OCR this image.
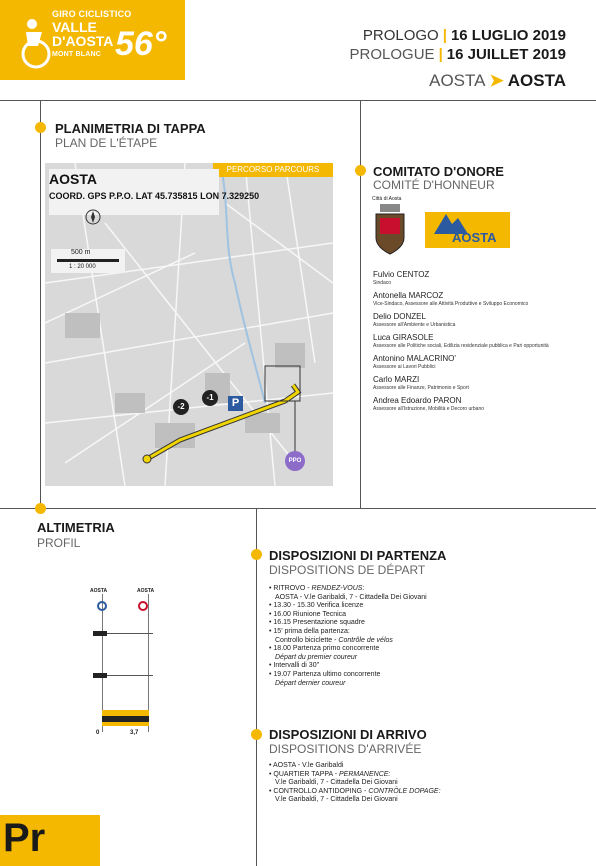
GIRO CICLISTICO
VALLE
D'AOSTA
MONT BLANC 56°	PROLOGO | 16 LUGLIO 2019
PROLOGUE | 16 JUILLET 2019
AOSTA ➤ AOSTA
PLANIMETRIA DI TAPPA
PLAN DE L'ÉTAPE
PERCORSO PARCOURS
AOSTA
COORD. GPS P.P.O. LAT 45.735815 LON 7.329250
500 m
1 : 20 000
-2
-1	P
PPO
COMITATO D'ONORE
COMITÉ D'HONNEUR
Città di Aosta
AOSTA
Fulvio CENTOZ
Sindaco
Antonella MARCOZ
Vice-Sindaco, Assessore alle Attività Produttive e Sviluppo Economico
Delio DONZEL
Assessore all'Ambiente e Urbanistica
Luca GIRASOLE
Assessore alle Politiche sociali, Edilizia residenziale pubblica e Pari opportunità
Antonino MALACRINO'
Assessore ai Lavori Pubblici
Carlo MARZI
Assessore alle Finanze, Patrimonio e Sport
Andrea Edoardo PARON
Assessore all'Istruzione, Mobilità e Decoro urbano
ALTIMETRIA
PROFIL
AOSTA	AOSTA
0	3,7
DISPOSIZIONI DI PARTENZA
DISPOSITIONS DE DÉPART
• RITROVO - RENDEZ-VOUS:
AOSTA - V.le Garibaldi, 7 - Cittadella Dei Giovani
• 13.30 - 15.30 Verifica licenze
• 16.00 Riunione Tecnica
• 16.15 Presentazione squadre
• 15' prima della partenza:
Controllo biciclette - Contrôle de vélos
• 18.00 Partenza primo concorrente
Départ du premier coureur
• Intervalli di 30"
• 19.07 Partenza ultimo concorrente
Départ dernier coureur
DISPOSIZIONI DI ARRIVO
DISPOSITIONS D'ARRIVÉE
• AOSTA - V.le Garibaldi
• QUARTIER TAPPA - PERMANENCE:
V.le Garibaldi, 7 - Cittadella Dei Giovani
• CONTROLLO ANTIDOPING - CONTRÔLE DOPAGE:
V.le Garibaldi, 7 - Cittadella Dei Giovani
Pr
